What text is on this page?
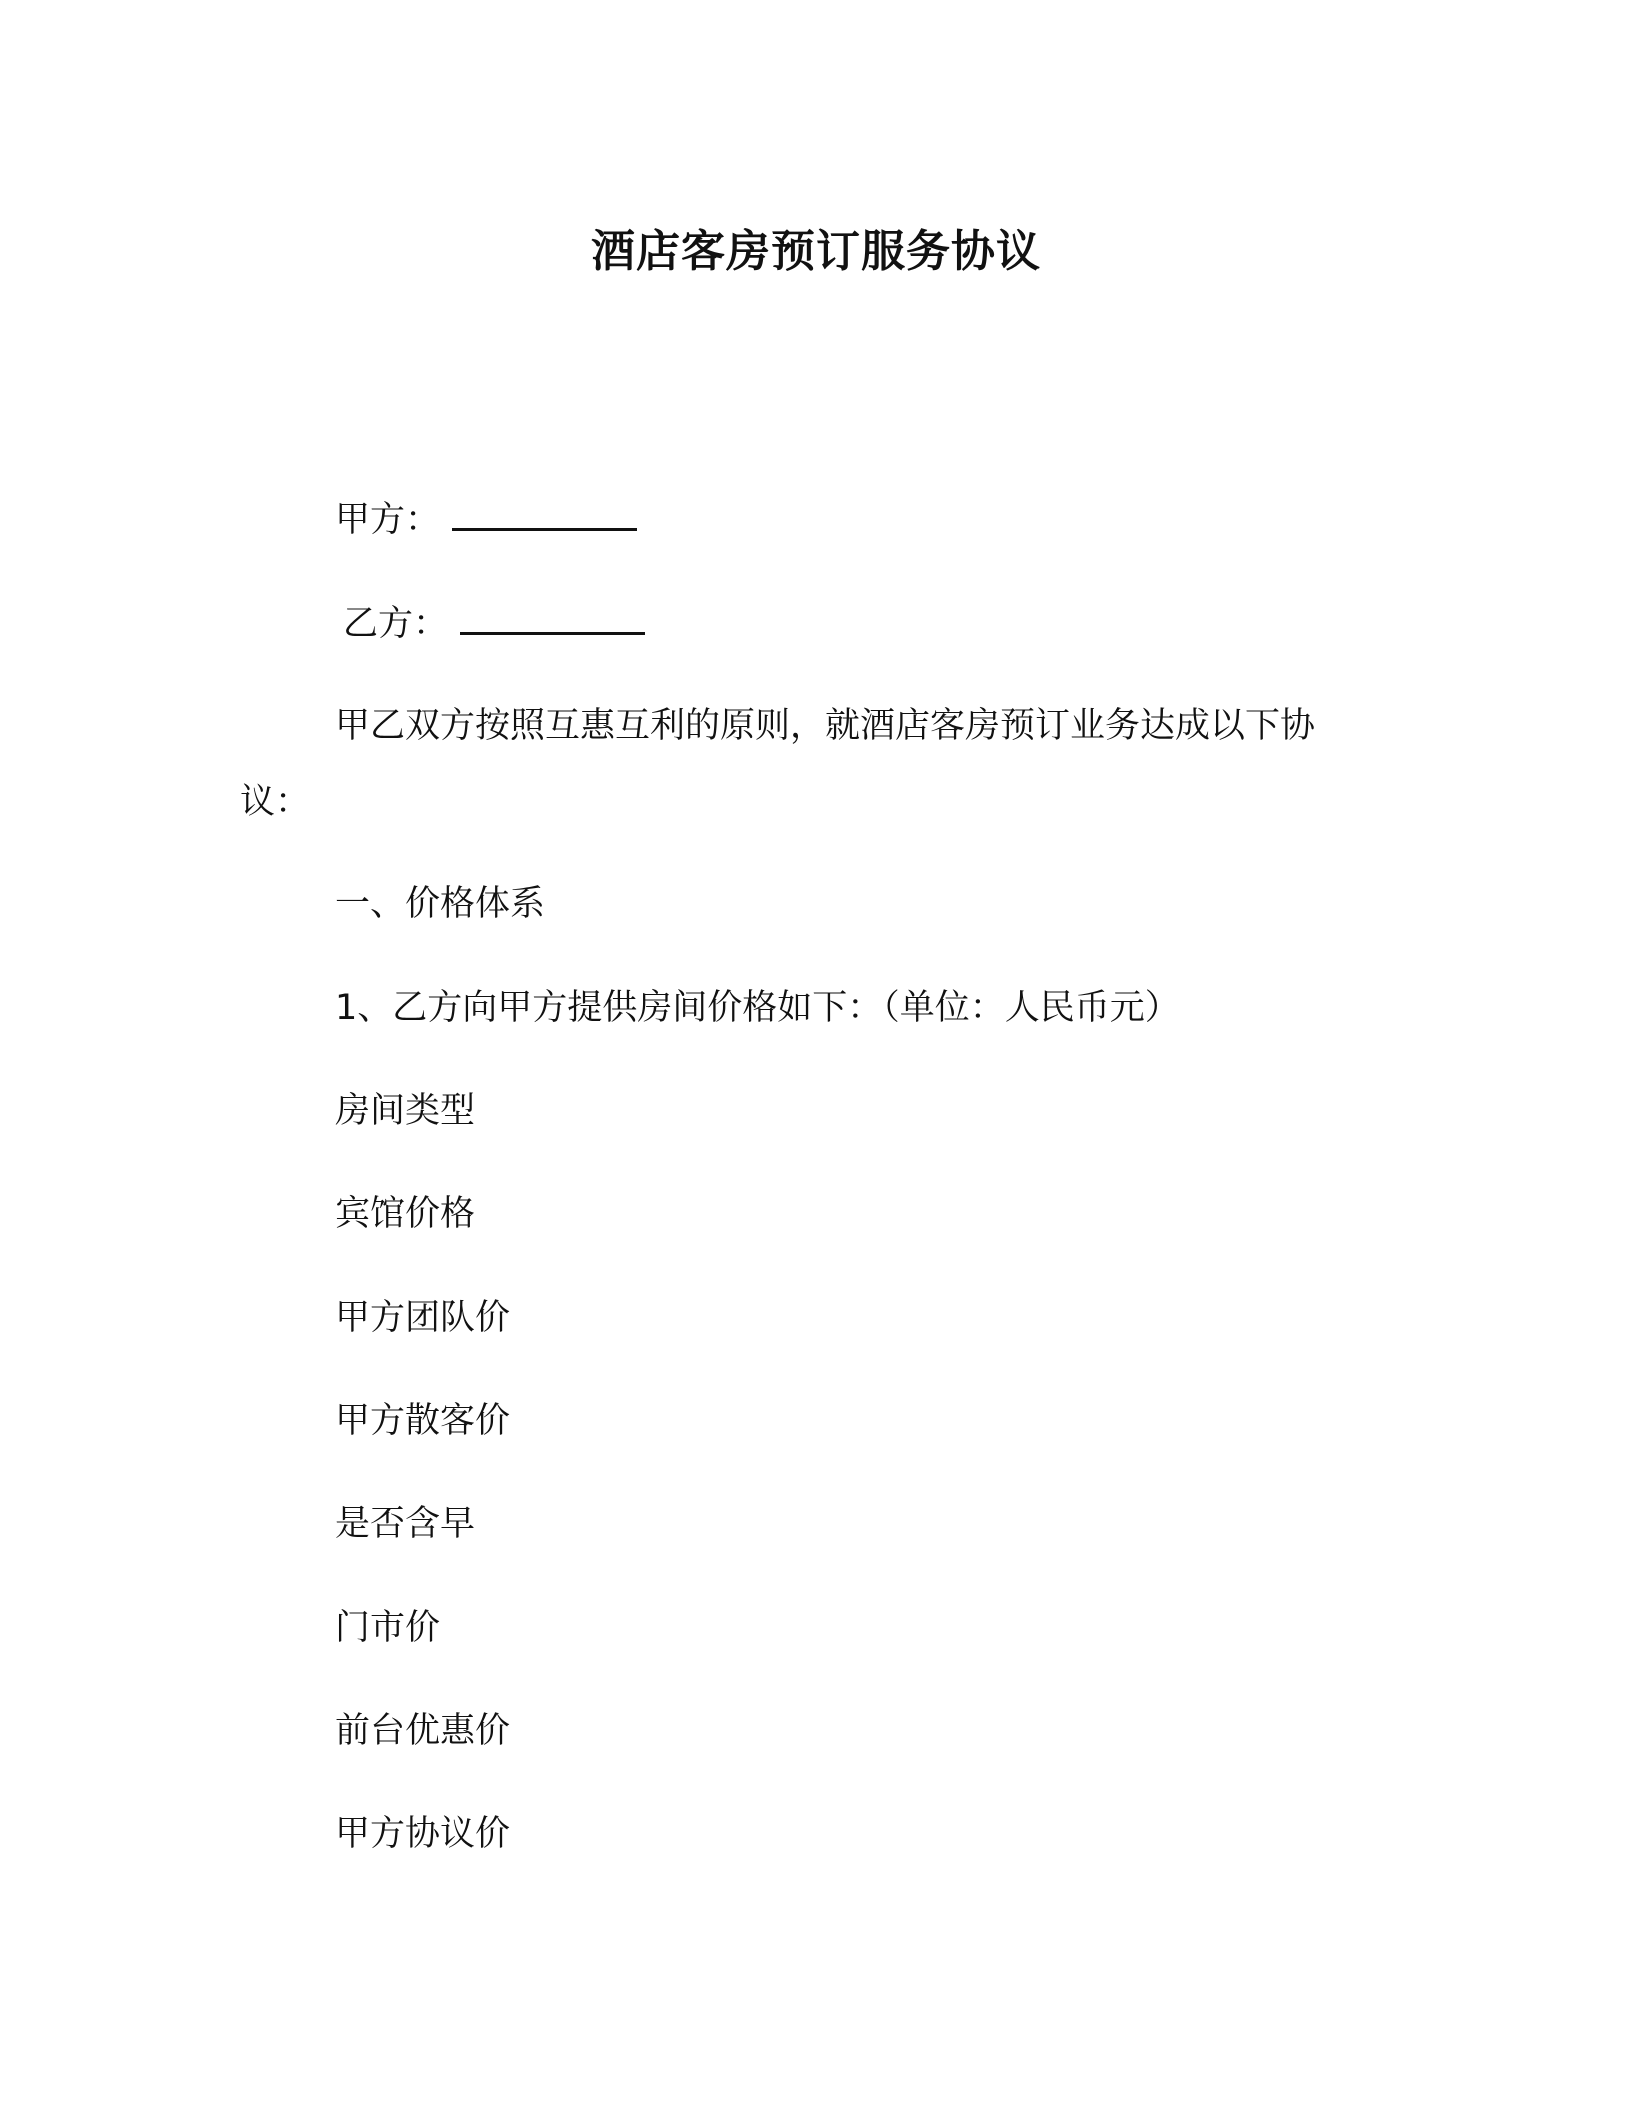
酒店客房预订服务协议
甲方：
乙方：
甲乙双方按照互惠互利的原则，就酒店客房预订业务达成以下协
议：
一、价格体系
1、乙方向甲方提供房间价格如下：（单位：人民币元）
房间类型
宾馆价格
甲方团队价
甲方散客价
是否含早
门市价
前台优惠价
甲方协议价
